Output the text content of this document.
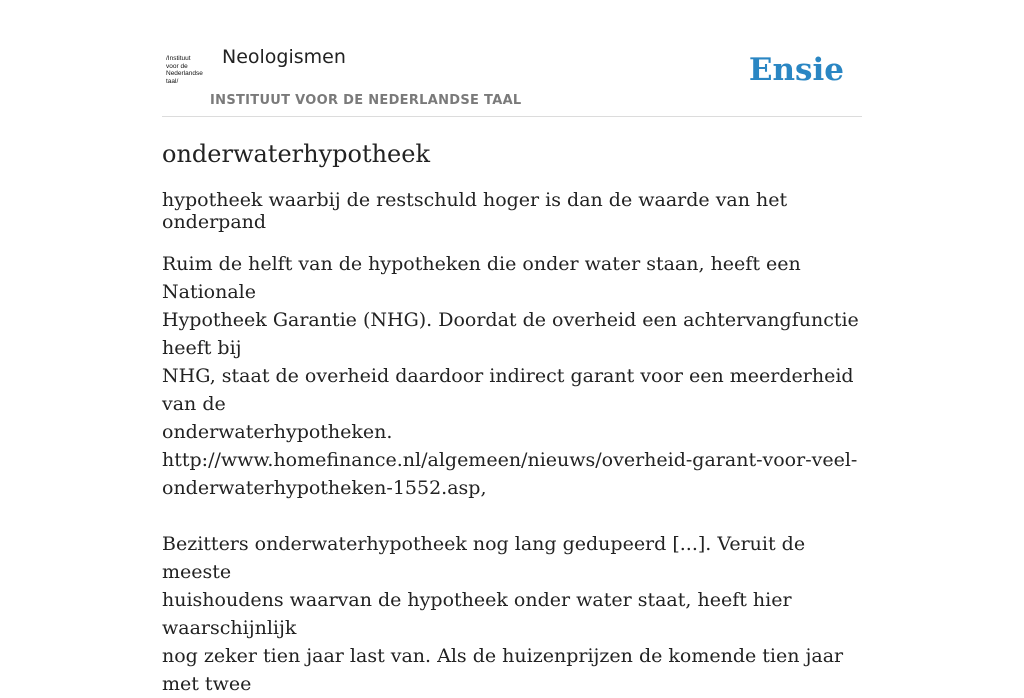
/Instituut
voor de
Nederlandse
taal/
Neologismen
INSTITUUT VOOR DE NEDERLANDSE TAAL
Ensie
onderwaterhypotheek
hypotheek waarbij de restschuld hoger is dan de waarde van het onderpand

Ruim de helft van de hypotheken die onder water staan, heeft een Nationale

Hypotheek Garantie (NHG). Doordat de overheid een achtervangfunctie heeft bij

NHG, staat de overheid daardoor indirect garant voor een meerderheid van de

onderwaterhypotheken.

http://www.homefinance.nl/algemeen/nieuws/overheid-garant-voor-veel-

onderwaterhypotheken-1552.asp,

Bezitters onderwaterhypotheek nog lang gedupeerd [...]. Veruit de meeste

huishoudens waarvan de hypotheek onder water staat, heeft hier waarschijnlijk

nog zeker tien jaar last van. Als de huizenprijzen de komende tien jaar met twee
